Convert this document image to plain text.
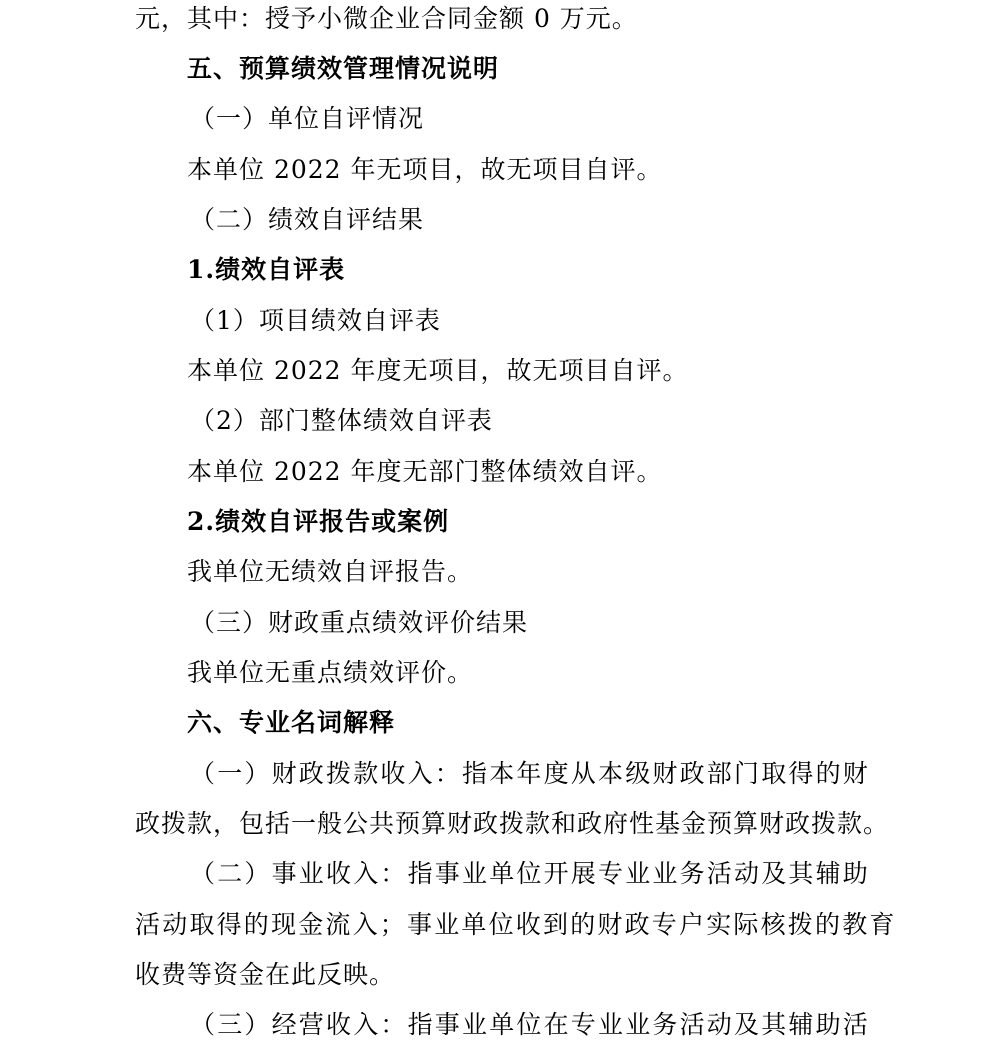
元，其中：授予小微企业合同金额 0 万元。
五、预算绩效管理情况说明
（一）单位自评情况
本单位 2022 年无项目，故无项目自评。
（二）绩效自评结果
1.绩效自评表
（1）项目绩效自评表
本单位 2022 年度无项目，故无项目自评。
（2）部门整体绩效自评表
本单位 2022 年度无部门整体绩效自评。
2.绩效自评报告或案例
我单位无绩效自评报告。
（三）财政重点绩效评价结果
我单位无重点绩效评价。
六、专业名词解释
（一）财政拨款收入：指本年度从本级财政部门取得的财
政拨款，包括一般公共预算财政拨款和政府性基金预算财政拨款。
（二）事业收入：指事业单位开展专业业务活动及其辅助
活动取得的现金流入；事业单位收到的财政专户实际核拨的教育
收费等资金在此反映。
（三）经营收入：指事业单位在专业业务活动及其辅助活
